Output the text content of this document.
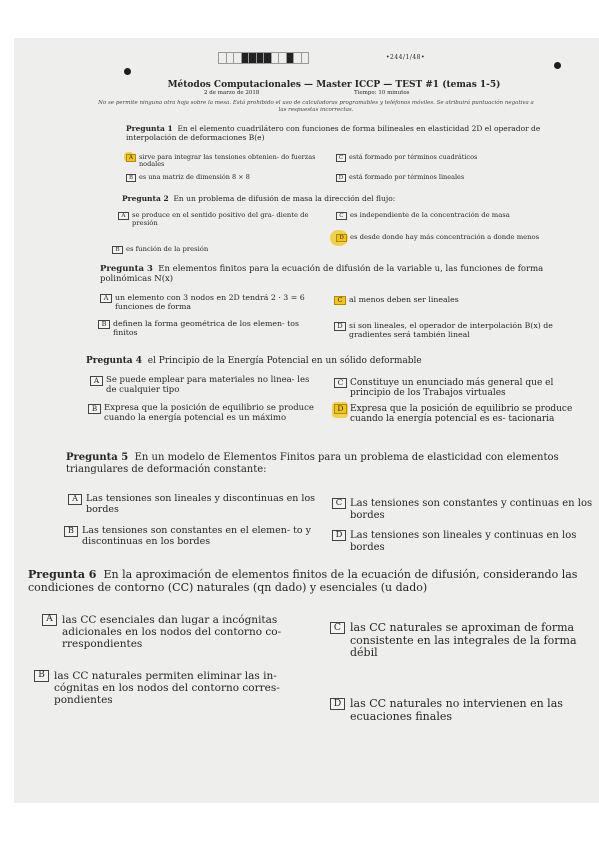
•244/1/48•
Métodos Computacionales — Master ICCP — TEST #1 (temas 1-5)
2 de marzo de 2018	Tiempo: 10 minutos
No se permite ninguna otra hoja sobre la mesa. Está prohibido el uso de calculadoras programables y teléfonos móviles. Se atribuirá puntuación negativa a las respuestas incorrectas.
Pregunta 1 En el elemento cuadrilátero con funciones de forma bilineales en elasticidad 2D el operador de interpolación de deformaciones B(e)
A sirve para integrar las tensiones obtenien- do fuerzas nodales
C está formado por términos cuadráticos
B es una matriz de dimensión 8 × 8	D está formado por términos lineales
Pregunta 2 En un problema de difusión de masa la dirección del flujo:
A se produce en el sentido positivo del gra- diente de presión
C es independiente de la concentración de masa
B es función de la presión
D es desde donde hay más concentración a donde menos
Pregunta 3 En elementos finitos para la ecuación de difusión de la variable u, las funciones de forma polinómicas N(x)
A un elemento con 3 nodos en 2D tendrá 2 · 3 = 6 funciones de forma
C al menos deben ser lineales
B definen la forma geométrica de los elemen- tos finitos
D si son lineales, el operador de interpolación B(x) de gradientes será también lineal
Pregunta 4 el Principio de la Energía Potencial en un sólido deformable
A Se puede emplear para materiales no linea- les de cualquier tipo
C Constituye un enunciado más general que el principio de los Trabajos virtuales
B Expresa que la posición de equilibrio se produce cuando la energía potencial es un máximo
D Expresa que la posición de equilibrio se produce cuando la energía potencial es es- tacionaria
Pregunta 5 En un modelo de Elementos Finitos para un problema de elasticidad con elementos triangulares de deformación constante:
A Las tensiones son lineales y discontinuas en los bordes
C Las tensiones son constantes y continuas en los bordes
B Las tensiones son constantes en el elemen- to y discontinuas en los bordes
D Las tensiones son lineales y continuas en los bordes
Pregunta 6 En la aproximación de elementos finitos de la ecuación de difusión, considerando las condiciones de contorno (CC) naturales (qn dado) y esenciales (u dado)
A las CC esenciales dan lugar a incógnitas adicionales en los nodos del contorno co- rrespondientes
C las CC naturales se aproximan de forma consistente en las integrales de la forma débil
B las CC naturales permiten eliminar las in- cógnitas en los nodos del contorno corres- pondientes	D las CC naturales no intervienen en las ecuaciones finales
